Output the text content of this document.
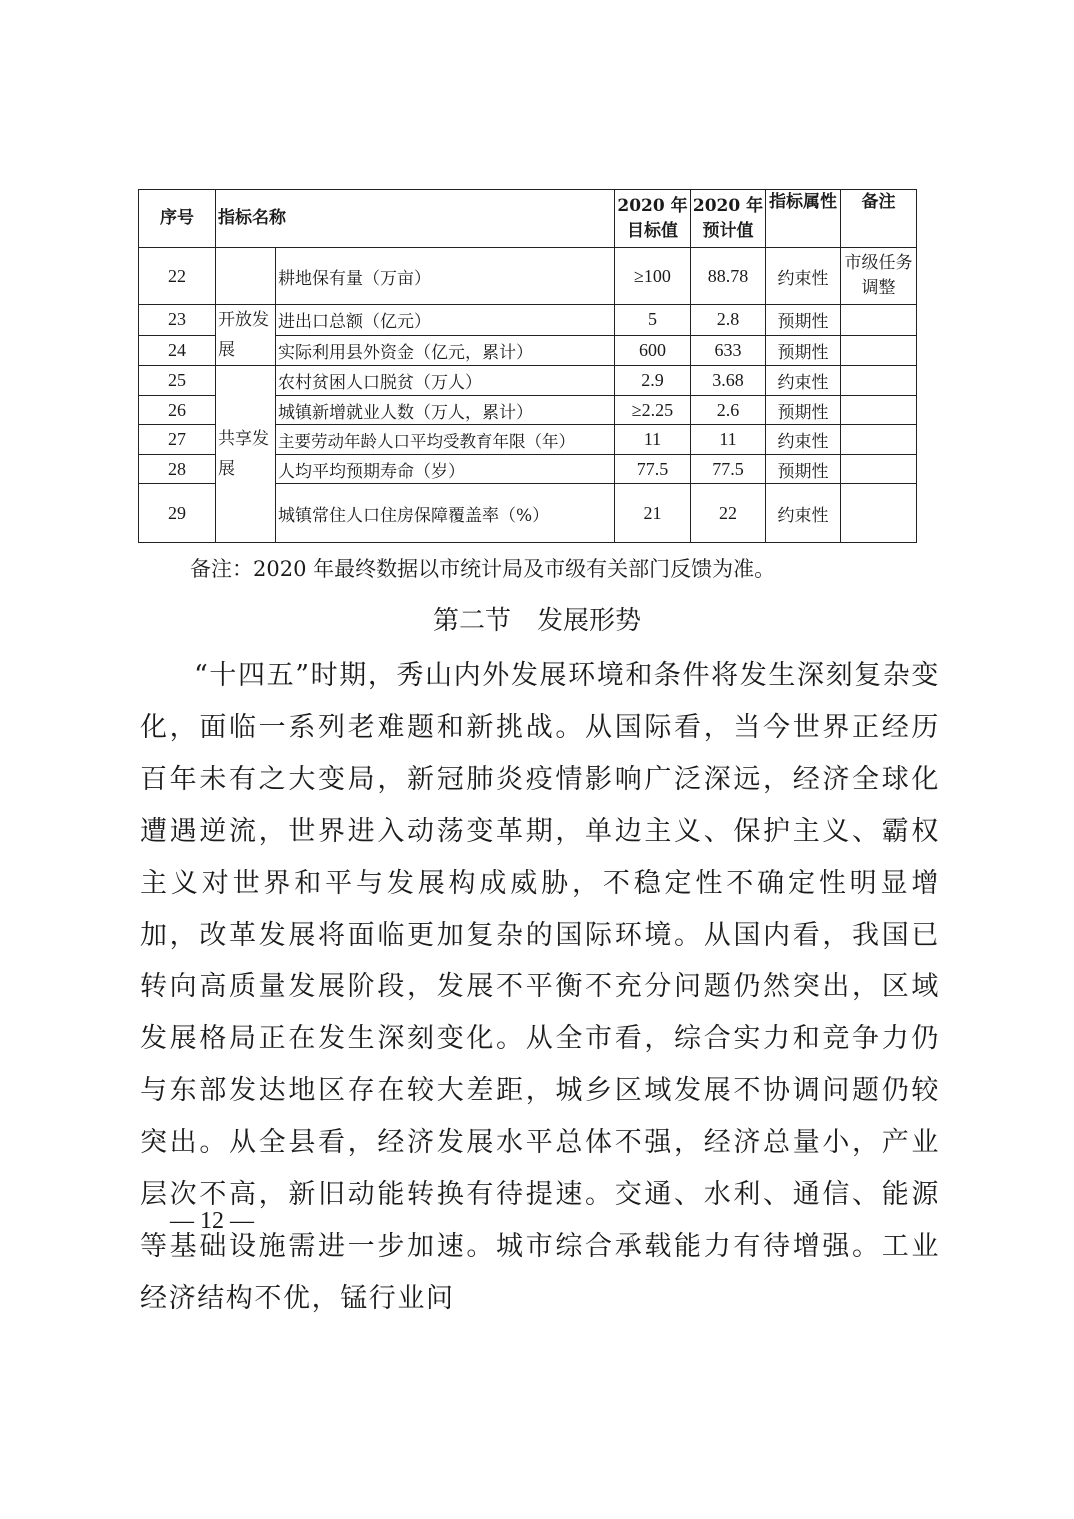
序号	指标名称		2020 年目标值	2020 年预计值	指标属性	备注
22		耕地保有量（万亩）	≥100	88.78	约束性	市级任务调整
23	开放发展	进出口总额（亿元）	5	2.8	预期性	
24		实际利用县外资金（亿元，累计）	600	633	预期性	
25	共享发展	农村贫困人口脱贫（万人）	2.9	3.68	约束性	
26		城镇新增就业人数（万人，累计）	≥2.25	2.6	预期性	
27		主要劳动年龄人口平均受教育年限（年）	11	11	约束性	
28		人均平均预期寿命（岁）	77.5	77.5	预期性	
29		城镇常住人口住房保障覆盖率（%）	21	22	约束性	
备注：2020 年最终数据以市统计局及市级有关部门反馈为准。
第二节　发展形势

“十四五”时期，秀山内外发展环境和条件将发生深刻复杂变化，面临一系列老难题和新挑战。从国际看，当今世界正经历百年未有之大变局，新冠肺炎疫情影响广泛深远，经济全球化遭遇逆流，世界进入动荡变革期，单边主义、保护主义、霸权主义对世界和平与发展构成威胁，不稳定性不确定性明显增加，改革发展将面临更加复杂的国际环境。从国内看，我国已转向高质量发展阶段，发展不平衡不充分问题仍然突出，区域发展格局正在发生深刻变化。从全市看，综合实力和竞争力仍与东部发达地区存在较大差距，城乡区域发展不协调问题仍较突出。从全县看，经济发展水平总体不强，经济总量小，产业层次不高，新旧动能转换有待提速。交通、水利、通信、能源等基础设施需进一步加速。城市综合承载能力有待增强。工业经济结构不优，锰行业问

— 12 —
